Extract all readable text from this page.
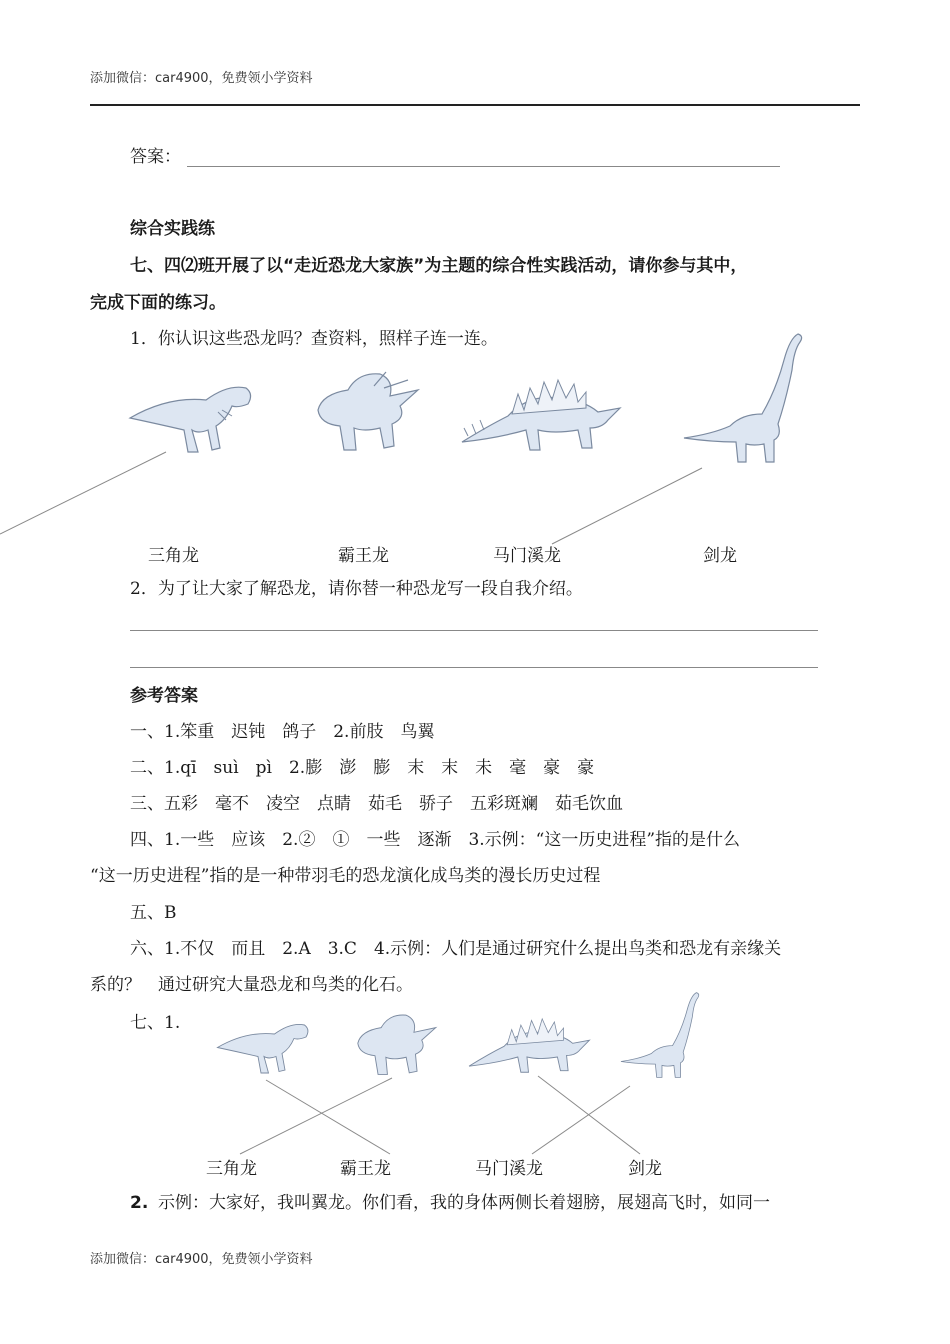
添加微信：car4900，免费领小学资料
答案：
综合实践练
七、四⑵班开展了以“走近恐龙大家族”为主题的综合性实践活动，请你参与其中，
完成下面的练习。
1．你认识这些恐龙吗？查资料，照样子连一连。
三角龙	霸王龙	马门溪龙	剑龙
2．为了让大家了解恐龙，请你替一种恐龙写一段自我介绍。
参考答案
一、1.笨重　迟钝　鸽子　2.前肢　鸟翼
二、1.qī　suì　pì　2.膨　澎　膨　末　末　未　毫　豪　豪
三、五彩　毫不　凌空　点睛　茹毛　骄子　五彩斑斓　茹毛饮血
四、1.一些　应该　2.②　①　一些　逐渐　3.示例：“这一历史进程”指的是什么
“这一历史进程”指的是一种带羽毛的恐龙演化成鸟类的漫长历史过程
五、B
六、1.不仅　而且　2.A　3.C　4.示例：人们是通过研究什么提出鸟类和恐龙有亲缘关
系的？　通过研究大量恐龙和鸟类的化石。
七、1.
三角龙	霸王龙	马门溪龙	剑龙
2. 示例：大家好，我叫翼龙。你们看，我的身体两侧长着翅膀，展翅高飞时，如同一
添加微信：car4900，免费领小学资料
